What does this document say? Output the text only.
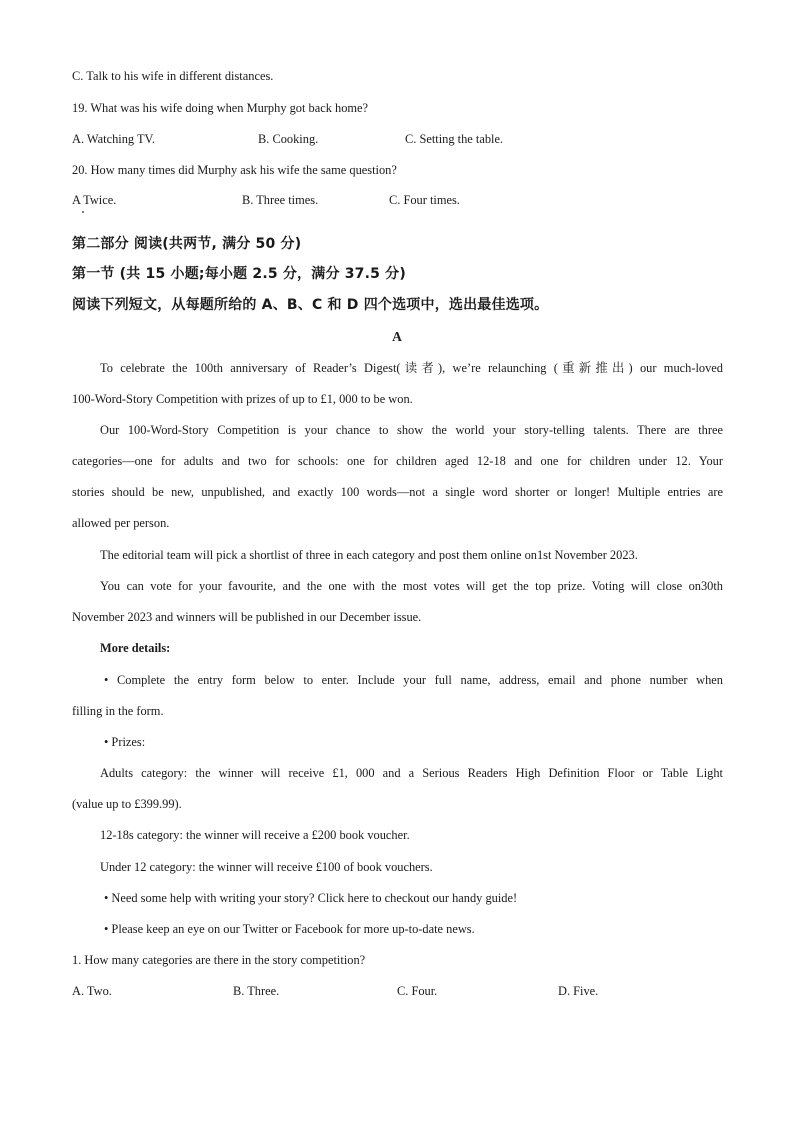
C. Talk to his wife in different distances.
19. What was his wife doing when Murphy got back home?
A. Watching TV.	B. Cooking.	C. Setting the table.
20. How many times did Murphy ask his wife the same question?
A Twice.	B. Three times.	C. Four times.
第二部分 阅读(共两节, 满分 50 分)
第一节 (共 15 小题;每小题 2.5 分，满分 37.5 分)
阅读下列短文，从每题所给的 A、B、C 和 D 四个选项中，选出最佳选项。
A
To celebrate the 100th anniversary of Reader’s Digest(读者), we’re relaunching (重新推出) our much-loved
100-Word-Story Competition with prizes of up to £1, 000 to be won.
Our 100-Word-Story Competition is your chance to show the world your story-telling talents. There are three
categories—one for adults and two for schools: one for children aged 12-18 and one for children under 12. Your
stories should be new, unpublished, and exactly 100 words—not a single word shorter or longer! Multiple entries are
allowed per person.
The editorial team will pick a shortlist of three in each category and post them online on1st November 2023.
You can vote for your favourite, and the one with the most votes will get the top prize. Voting will close on30th
November 2023 and winners will be published in our December issue.
More details:
• Complete the entry form below to enter. Include your full name, address, email and phone number when
filling in the form.
• Prizes:
Adults category: the winner will receive £1, 000 and a Serious Readers High Definition Floor or Table Light
(value up to £399.99).
12-18s category: the winner will receive a £200 book voucher.
Under 12 category: the winner will receive £100 of book vouchers.
• Need some help with writing your story? Click here to checkout our handy guide!
• Please keep an eye on our Twitter or Facebook for more up-to-date news.
1. How many categories are there in the story competition?
A. Two.	B. Three.	C. Four.	D. Five.
